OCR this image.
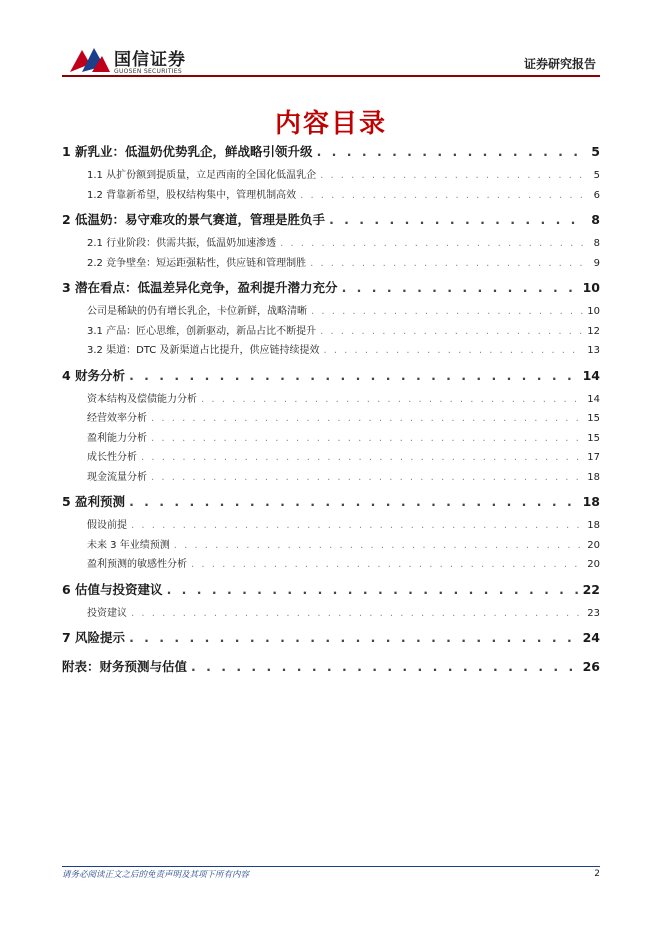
国信证券
GUOSEN SECURITIES
证券研究报告
内容目录
1 新乳业：低温奶优势乳企，鲜战略引领升级 . . .	5
1.1 从扩份额到提质量，立足西南的全国化低温乳企 . . .	5
1.2 背靠新希望，股权结构集中，管理机制高效 . . .	6
2 低温奶：易守难攻的景气赛道，管理是胜负手 . . .	8
2.1 行业阶段：供需共振，低温奶加速渗透 . . .	8
2.2 竞争壁垒：短运距强粘性，供应链和管理制胜 . . .	9
3 潜在看点：低温差异化竞争，盈利提升潜力充分 . . .	10
公司是稀缺的仍有增长乳企，卡位新鲜，战略清晰 . . .	10
3.1 产品：匠心思维，创新驱动，新品占比不断提升 . . .	12
3.2 渠道：DTC 及新渠道占比提升，供应链持续提效 . . .	13
4 财务分析 . . .	14
资本结构及偿债能力分析 . . .	14
经营效率分析 . . .	15
盈利能力分析 . . .	15
成长性分析 . . .	17
现金流量分析 . . .	18
5 盈利预测 . . .	18
假设前提 . . .	18
未来 3 年业绩预测 . . .	20
盈利预测的敏感性分析 . . .	20
6 估值与投资建议 . . .	22
投资建议 . . .	23
7 风险提示 . . .	24
附表：财务预测与估值 . . .	26
请务必阅读正文之后的免责声明及其项下所有内容	2
